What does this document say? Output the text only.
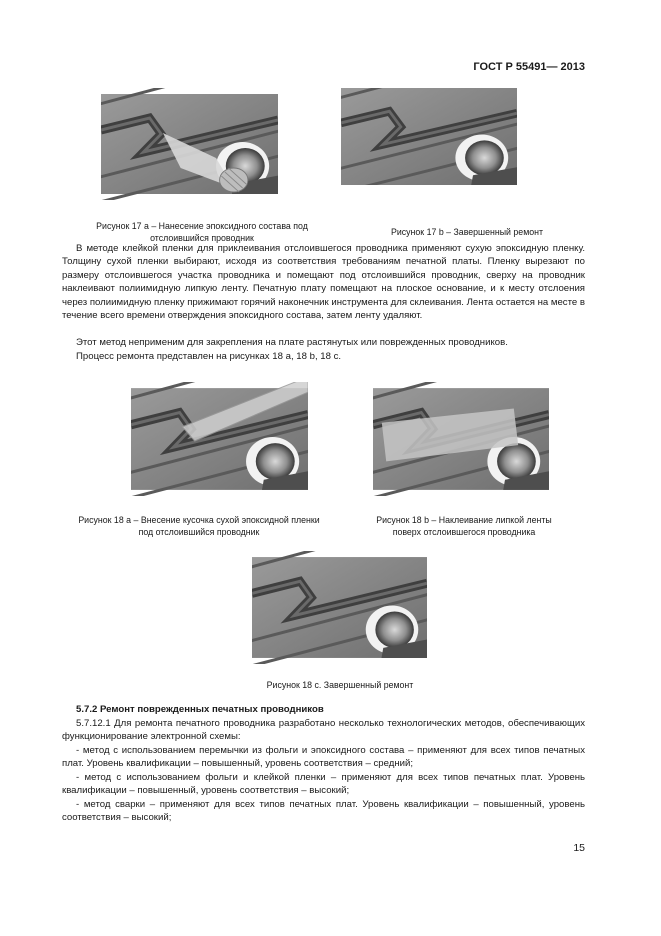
ГОСТ Р 55491— 2013
Рисунок 17 а – Нанесение эпоксидного состава под
отслоившийся проводник
Рисунок 17 b – Завершенный ремонт
В методе клейкой пленки для приклеивания отслоившегося проводника применяют сухую эпоксидную пленку. Толщину сухой пленки выбирают, исходя из соответствия требованиям печатной платы. Пленку вырезают по размеру отслоившегося участка проводника и помещают под отслоившийся проводник, сверху на проводник наклеивают полиимидную липкую ленту. Печатную плату помещают на плоское основание, и к месту отслоения через полиимидную пленку прижимают горячий наконечник инструмента для склеивания. Лента остается на месте в течение всего времени отверждения эпоксидного состава, затем ленту удаляют.
Этот метод неприменим для закрепления на плате растянутых или поврежденных проводников.
Процесс ремонта представлен на рисунках 18 a, 18 b, 18 c.
Рисунок 18 a – Внесение кусочка сухой эпоксидной пленки
под отслоившийся проводник
Рисунок 18 b – Наклеивание липкой ленты
поверх отслоившегося проводника
Рисунок 18 с. Завершенный ремонт
5.7.2 Ремонт поврежденных печатных проводников
5.7.12.1 Для ремонта печатного проводника разработано несколько технологических методов, обеспечивающих функционирование электронной схемы:
- метод с использованием перемычки из фольги и эпоксидного состава – применяют для всех типов печатных плат. Уровень квалификации – повышенный, уровень соответствия – средний;
- метод с использованием фольги и клейкой пленки – применяют для всех типов печатных плат. Уровень квалификации – повышенный, уровень соответствия – высокий;
- метод сварки – применяют для всех типов печатных плат. Уровень квалификации – повышенный, уровень соответствия – высокий;
15
